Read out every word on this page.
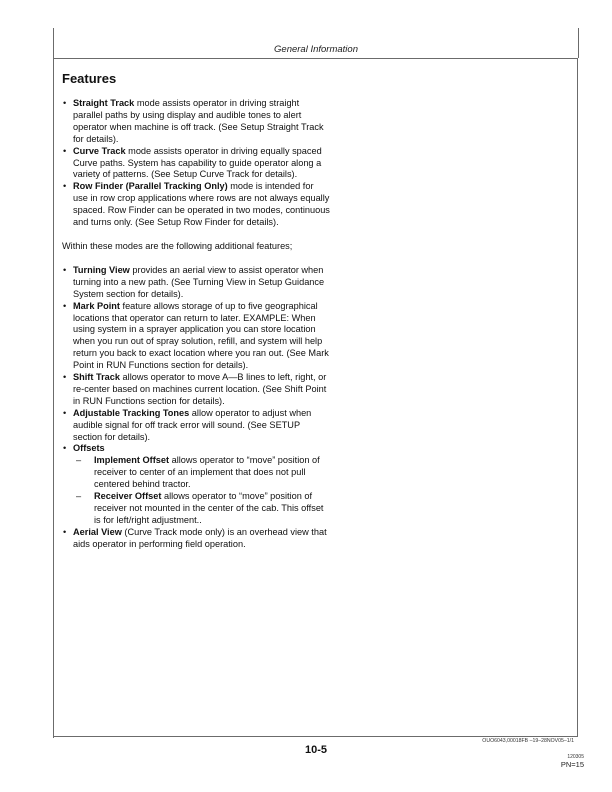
General Information
Features
• Straight Track mode assists operator in driving straight parallel paths by using display and audible tones to alert operator when machine is off track. (See Setup Straight Track for details).
• Curve Track mode assists operator in driving equally spaced Curve paths. System has capability to guide operator along a variety of patterns. (See Setup Curve Track for details).
• Row Finder (Parallel Tracking Only) mode is intended for use in row crop applications where rows are not always equally spaced. Row Finder can be operated in two modes, continuous and turns only. (See Setup Row Finder for details).

Within these modes are the following additional features;

• Turning View provides an aerial view to assist operator when turning into a new path. (See Turning View in Setup Guidance System section for details).
• Mark Point feature allows storage of up to five geographical locations that operator can return to later. EXAMPLE: When using system in a sprayer application you can store location when you run out of spray solution, refill, and system will help return you back to exact location where you ran out. (See Mark Point in RUN Functions section for details).
• Shift Track allows operator to move A—B lines to left, right, or re-center based on machines current location. (See Shift Point in RUN Functions section for details).
• Adjustable Tracking Tones allow operator to adjust when audible signal for off track error will sound. (See SETUP section for details).
• Offsets
– Implement Offset allows operator to “move” position of receiver to center of an implement that does not pull centered behind tractor.
– Receiver Offset allows operator to “move” position of receiver not mounted in the center of the cab. This offset is for left/right adjustment..
• Aerial View (Curve Track mode only) is an overhead view that aids operator in performing field operation.
OUO6043,00018FB –19–28NOV05–1/1
10-5
120305
PN=15
